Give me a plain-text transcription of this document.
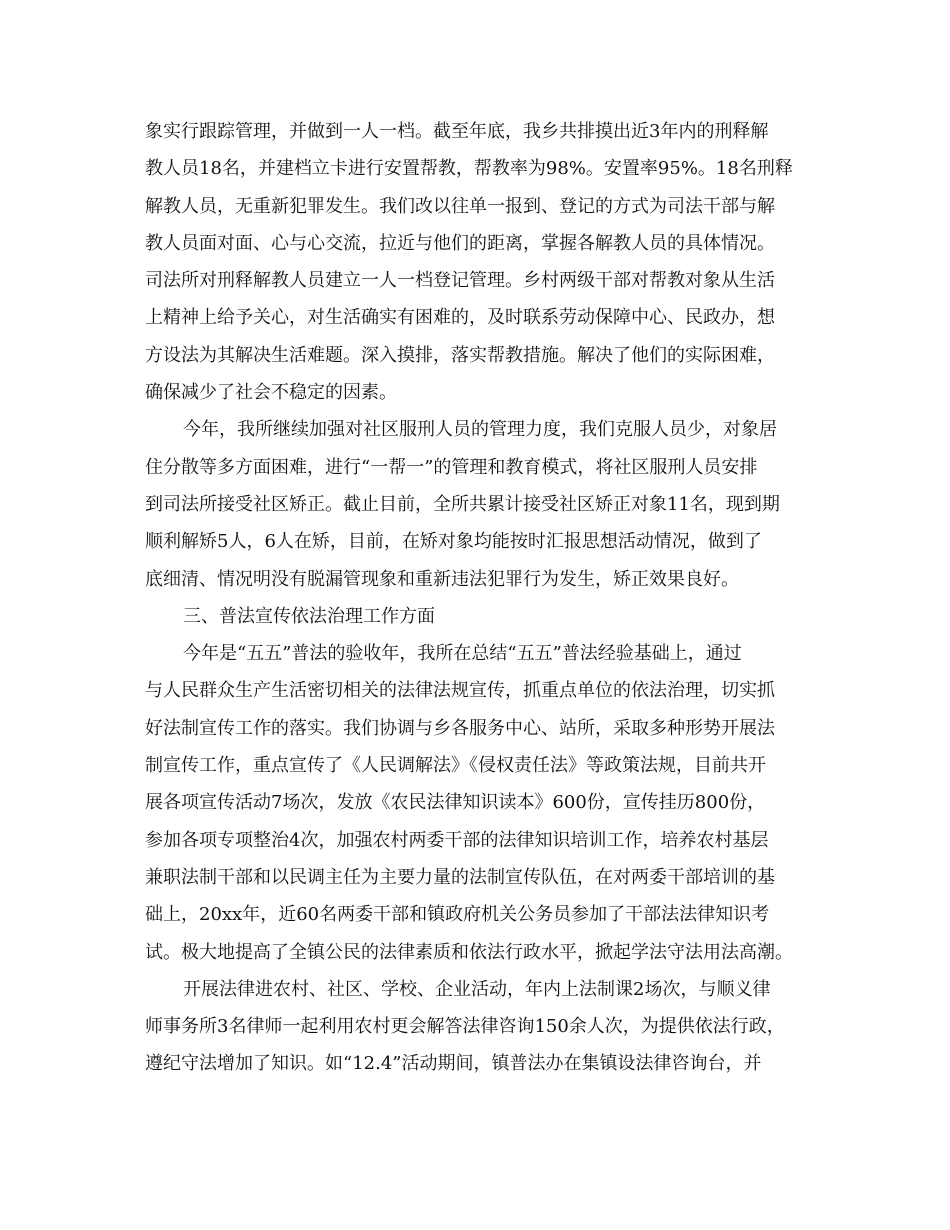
象实行跟踪管理，并做到一人一档。截至年底，我乡共排摸出近3年内的刑释解
教人员18名，并建档立卡进行安置帮教，帮教率为98%。安置率95%。18名刑释
解教人员，无重新犯罪发生。我们改以往单一报到、登记的方式为司法干部与解
教人员面对面、心与心交流，拉近与他们的距离，掌握各解教人员的具体情况。
司法所对刑释解教人员建立一人一档登记管理。乡村两级干部对帮教对象从生活
上精神上给予关心，对生活确实有困难的，及时联系劳动保障中心、民政办，想
方设法为其解决生活难题。深入摸排，落实帮教措施。解决了他们的实际困难，
确保减少了社会不稳定的因素。
今年，我所继续加强对社区服刑人员的管理力度，我们克服人员少，对象居
住分散等多方面困难，进行“一帮一”的管理和教育模式，将社区服刑人员安排
到司法所接受社区矫正。截止目前，全所共累计接受社区矫正对象11名，现到期
顺利解矫5人，6人在矫，目前，在矫对象均能按时汇报思想活动情况，做到了
底细清、情况明没有脱漏管现象和重新违法犯罪行为发生，矫正效果良好。
三、普法宣传依法治理工作方面
今年是“五五”普法的验收年，我所在总结“五五”普法经验基础上，通过
与人民群众生产生活密切相关的法律法规宣传，抓重点单位的依法治理，切实抓
好法制宣传工作的落实。我们协调与乡各服务中心、站所，采取多种形势开展法
制宣传工作，重点宣传了《人民调解法》《侵权责任法》等政策法规，目前共开
展各项宣传活动7场次，发放《农民法律知识读本》600份，宣传挂历800份，
参加各项专项整治4次，加强农村两委干部的法律知识培训工作，培养农村基层
兼职法制干部和以民调主任为主要力量的法制宣传队伍，在对两委干部培训的基
础上，20xx年，近60名两委干部和镇政府机关公务员参加了干部法法律知识考
试。极大地提高了全镇公民的法律素质和依法行政水平，掀起学法守法用法高潮。
开展法律进农村、社区、学校、企业活动，年内上法制课2场次，与顺义律
师事务所3名律师一起利用农村更会解答法律咨询150余人次，为提供依法行政，
遵纪守法增加了知识。如“12.4”活动期间，镇普法办在集镇设法律咨询台，并
